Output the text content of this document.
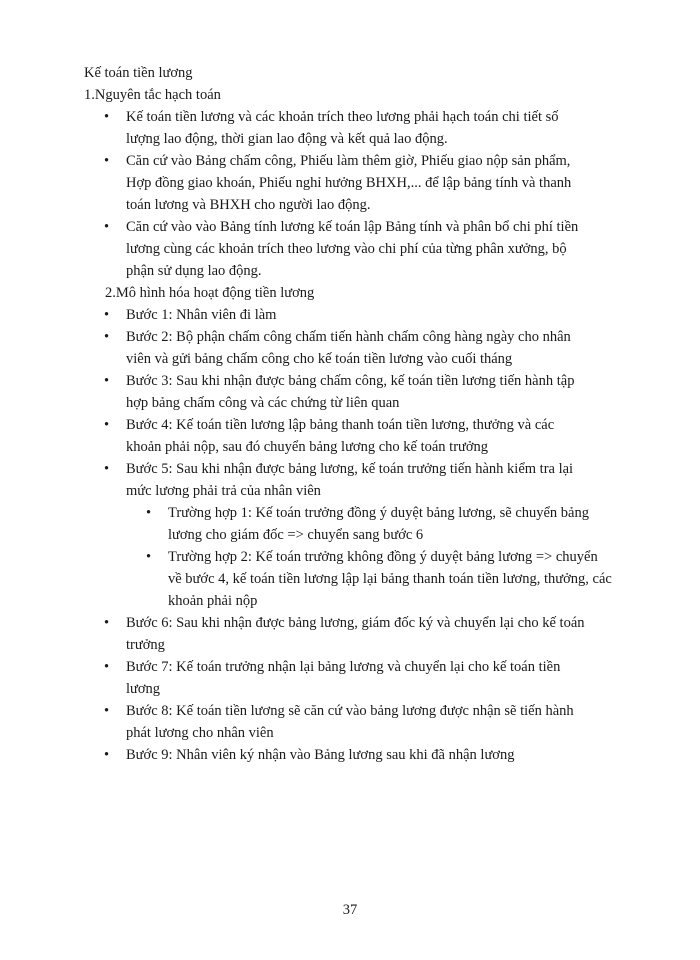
Kế toán tiền lương
1.Nguyên tắc hạch toán
• Kế toán tiền lương và các khoản trích theo lương phải hạch toán chi tiết số lượng lao động, thời gian lao động và kết quả lao động.
• Căn cứ vào Bảng chấm công, Phiếu làm thêm giờ, Phiếu giao nộp sản phẩm, Hợp đồng giao khoán, Phiếu nghỉ hưởng BHXH,... để lập bảng tính và thanh toán lương và BHXH cho người lao động.
• Căn cứ vào vào Bảng tính lương kế toán lập Bảng tính và phân bổ chi phí tiền lương cùng các khoản trích theo lương vào chi phí của từng phân xưởng, bộ phận sử dụng lao động.
2.Mô hình hóa hoạt động tiền lương
• Bước 1: Nhân viên đi làm
• Bước 2: Bộ phận chấm công chấm tiến hành chấm công hàng ngày cho nhân viên và gửi bảng chấm công cho kế toán tiền lương vào cuối tháng
• Bước 3: Sau khi nhận được bảng chấm công, kế toán tiền lương tiến hành tập hợp bảng chấm công và các chứng từ liên quan
• Bước 4: Kế toán tiền lương lập bảng thanh toán tiền lương, thưởng và các khoản phải nộp, sau đó chuyển bảng lương cho kế toán trưởng
• Bước 5: Sau khi nhận được bảng lương, kế toán trưởng tiến hành kiểm tra lại mức lương phải trả của nhân viên
• Trường hợp 1: Kế toán trưởng đồng ý duyệt bảng lương, sẽ chuyển bảng lương cho giám đốc => chuyển sang bước 6
• Trường hợp 2: Kế toán trưởng không đồng ý duyệt bảng lương => chuyển về bước 4, kế toán tiền lương lập lại bảng thanh toán tiền lương, thưởng, các khoản phải nộp
• Bước 6: Sau khi nhận được bảng lương, giám đốc ký và chuyển lại cho kế toán trưởng
• Bước 7: Kế toán trưởng nhận lại bảng lương và chuyển lại cho kế toán tiền lương
• Bước 8: Kế toán tiền lương sẽ căn cứ vào bảng lương được nhận sẽ tiến hành phát lương cho nhân viên
• Bước 9: Nhân viên ký nhận vào Bảng lương sau khi đã nhận lương
37
